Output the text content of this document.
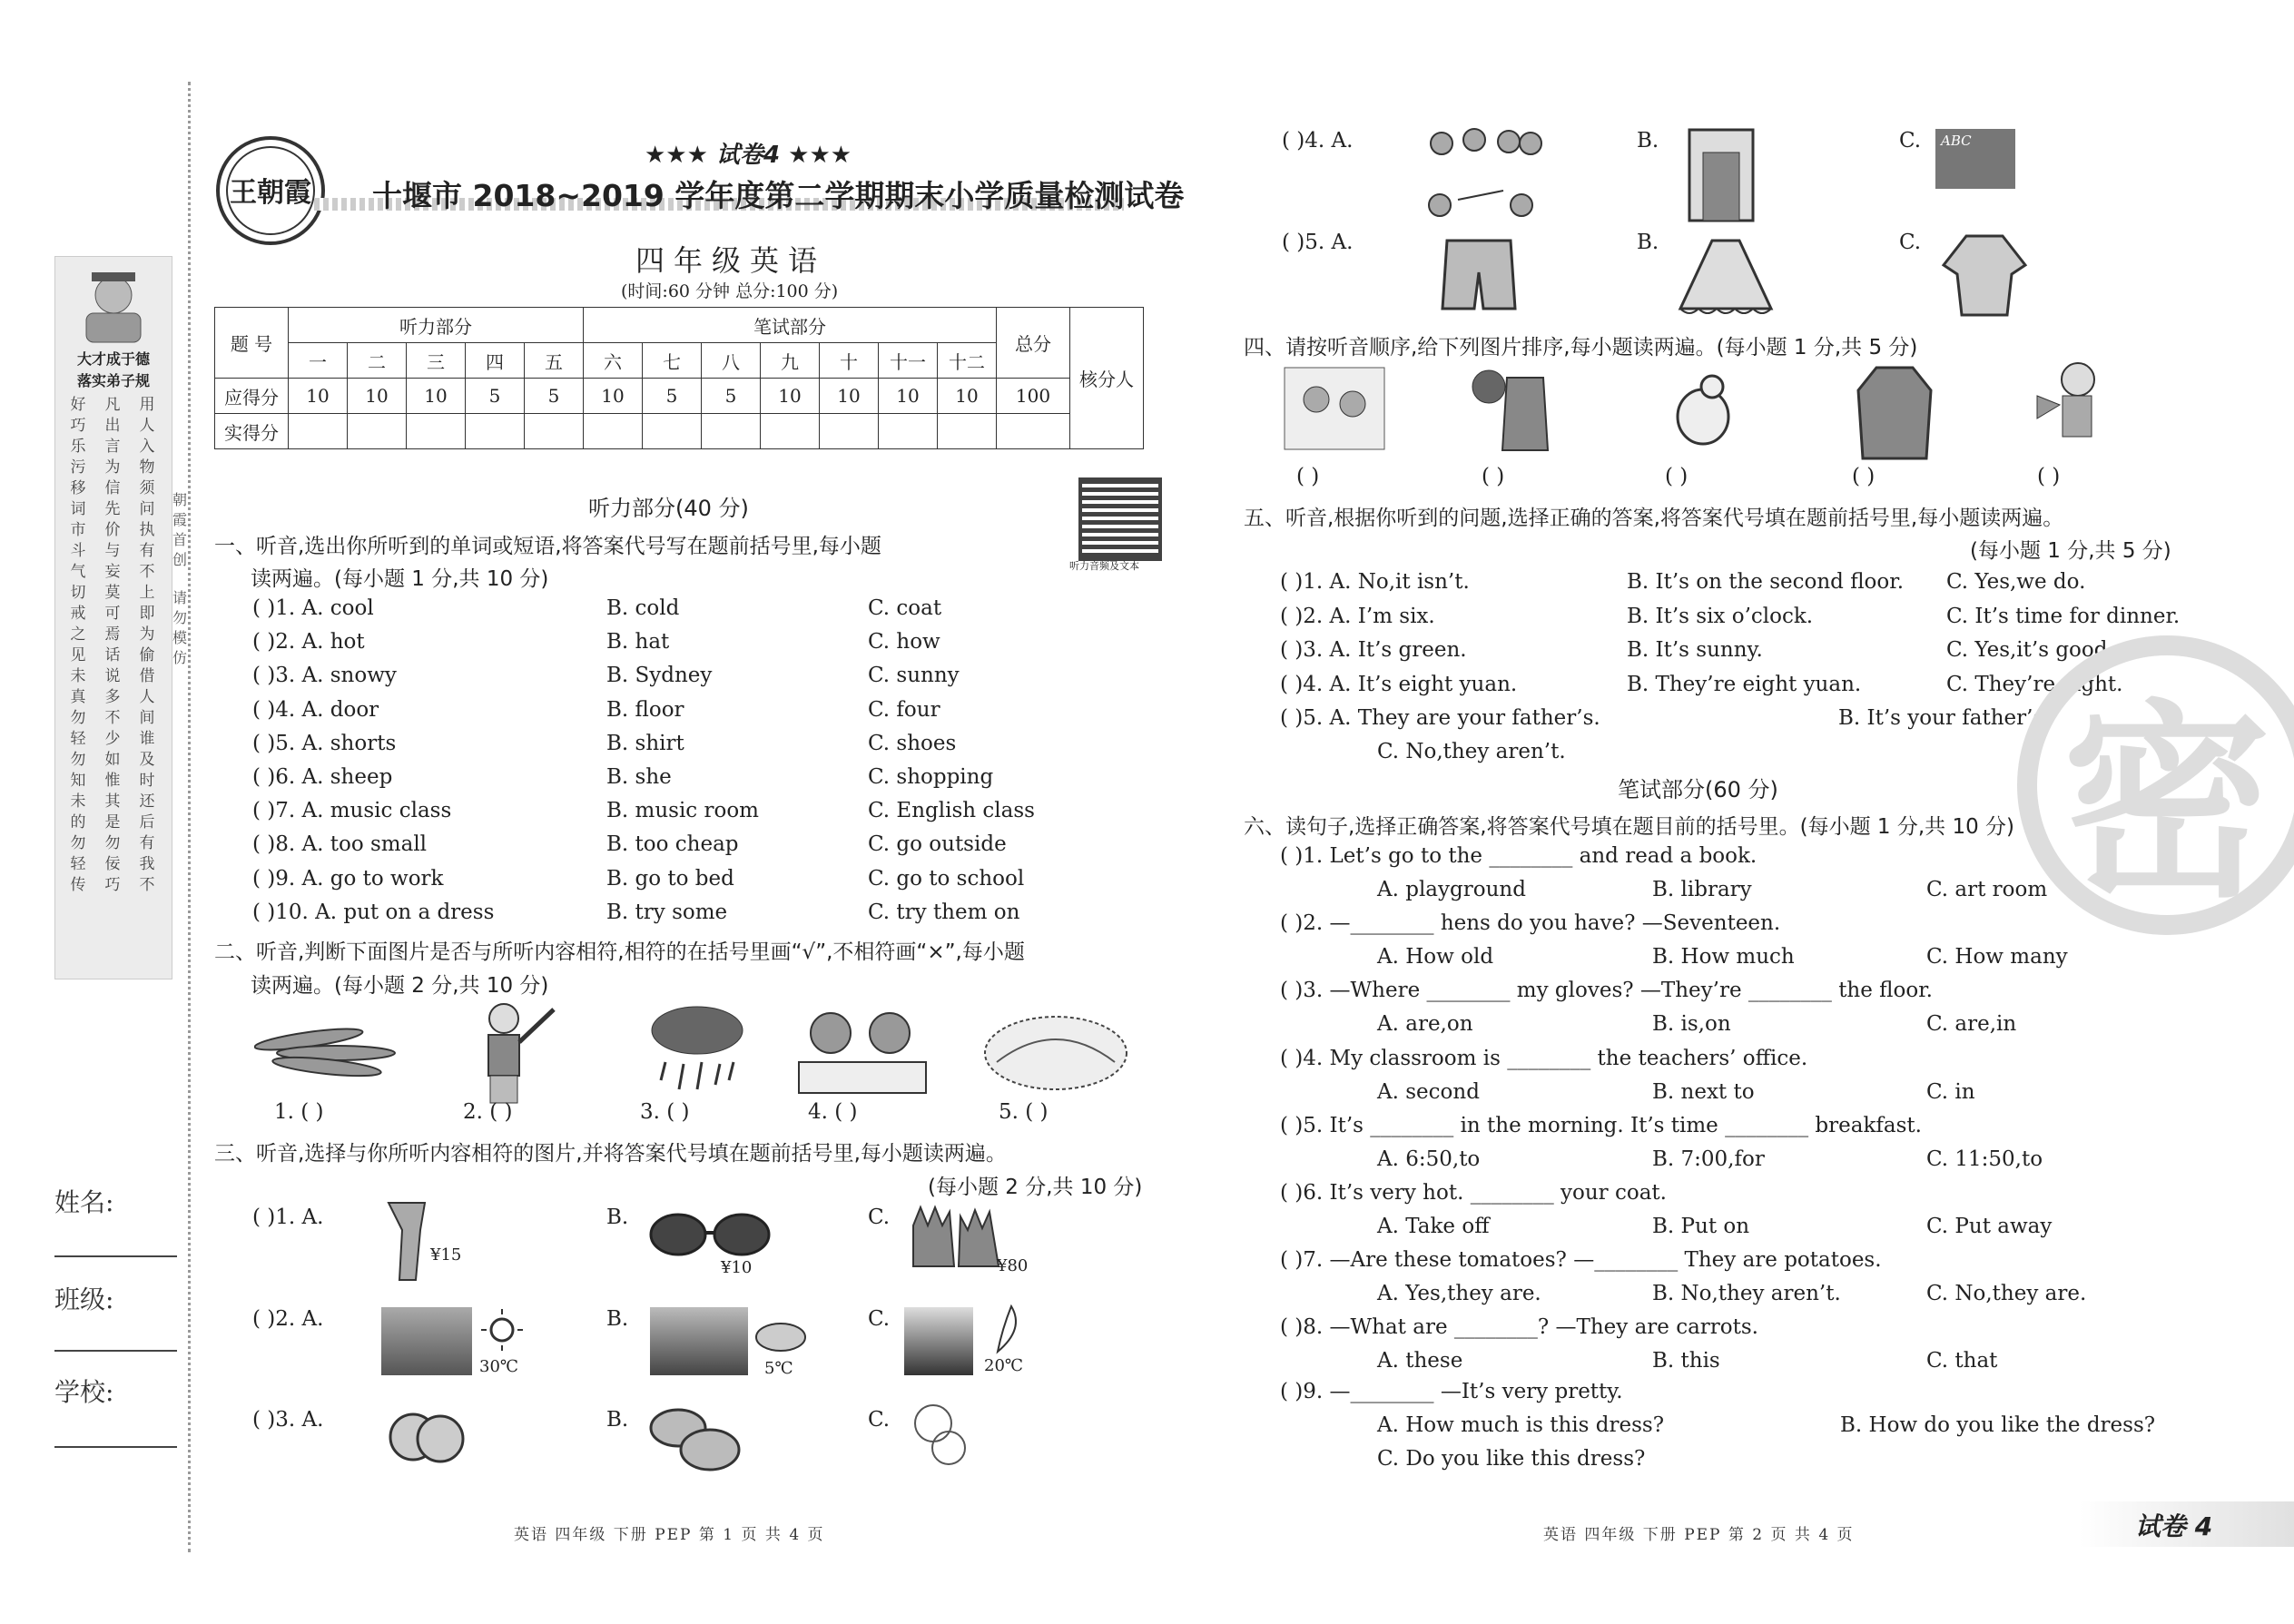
大才成于德
落实弟子规
好巧乐污移词市斗气切戒之见未真勿轻勿知未的勿轻传
凡出言为信先价与妄莫可焉话说多不少如惟其是勿佞巧
用人入物须问执有不上即为偷借人间谁及时还后有我不
朝
霞
首
创
请
勿
模
仿
姓名:
班级:
学校:
王朝霞
★★★ 试卷4 ★★★
十堰市 2018~2019 学年度第二学期期末小学质量检测试卷
四年级英语
(时间:60 分钟 总分:100 分)
题 号	听力部分					笔试部分							总分	核分人
	一	二	三	四	五	六	七	八	九	十	十一	十二		
应得分	10	10	10	5	5	10	5	5	10	10	10	10	100	
实得分														
听力音频及文本
听力部分(40 分)
一、听音,选出你所听到的单词或短语,将答案代号写在题前括号里,每小题
读两遍。(每小题 1 分,共 10 分)
( )1. A. cool	B. cold	C. coat
( )2. A. hot	B. hat	C. how
( )3. A. snowy	B. Sydney	C. sunny
( )4. A. door	B. floor	C. four
( )5. A. shorts	B. shirt	C. shoes
( )6. A. sheep	B. she	C. shopping
( )7. A. music class	B. music room	C. English class
( )8. A. too small	B. too cheap	C. go outside
( )9. A. go to work	B. go to bed	C. go to school
( )10. A. put on a dress	B. try some	C. try them on
二、听音,判断下面图片是否与所听内容相符,相符的在括号里画“√”,不相符画“×”,每小题
读两遍。(每小题 2 分,共 10 分)
1. ( )	2. ( )	3. ( )	4. ( )	5. ( )
三、听音,选择与你所听内容相符的图片,并将答案代号填在题前括号里,每小题读两遍。
(每小题 2 分,共 10 分)
( )1. A.
¥15
B.
¥10
C.
¥80
( )2. A.
30℃
B.
5℃
C.
20℃
( )3. A.	B.	C.
( )4. A.	B.	C. ABC
( )5. A.	B.	C.
四、请按听音顺序,给下列图片排序,每小题读两遍。(每小题 1 分,共 5 分)
( )	( )	( )	( )	( )
五、听音,根据你听到的问题,选择正确的答案,将答案代号填在题前括号里,每小题读两遍。
(每小题 1 分,共 5 分)
( )1. A. No,it isn’t.	B. It’s on the second floor. C. Yes,we do.
( )2. A. I’m six.	B. It’s six o’clock.	C. It’s time for dinner.
( )3. A. It’s green.	B. It’s sunny.	C. Yes,it’s good.
( )4. A. It’s eight yuan.	B. They’re eight yuan.	C. They’re eight.
( )5. A. They are your father’s.	B. It’s your father’s.
C. No,they aren’t.
笔试部分(60 分)
六、读句子,选择正确答案,将答案代号填在题目前的括号里。(每小题 1 分,共 10 分)
( )1. Let’s go to the ________ and read a book.
A. playground	B. library	C. art room
( )2. —________ hens do you have? —Seventeen.
A. How old	B. How much	C. How many
( )3. —Where ________ my gloves? —They’re ________ the floor.
A. are,on	B. is,on	C. are,in
( )4. My classroom is ________ the teachers’ office.
A. second	B. next to	C. in
( )5. It’s ________ in the morning. It’s time ________ breakfast.
A. 6:50,to	B. 7:00,for	C. 11:50,to
( )6. It’s very hot. ________ your coat.
A. Take off	B. Put on	C. Put away
( )7. —Are these tomatoes? —________ They are potatoes.
A. Yes,they are.	B. No,they aren’t.	C. No,they are.
( )8. —What are ________? —They are carrots.
A. these	B. this	C. that
( )9. —________ —It’s very pretty.
A. How much is this dress?	B. How do you like the dress?
C. Do you like this dress?
密
英语 四年级 下册 PEP 第 1 页 共 4 页	英语 四年级 下册 PEP 第 2 页 共 4 页	试卷 4
